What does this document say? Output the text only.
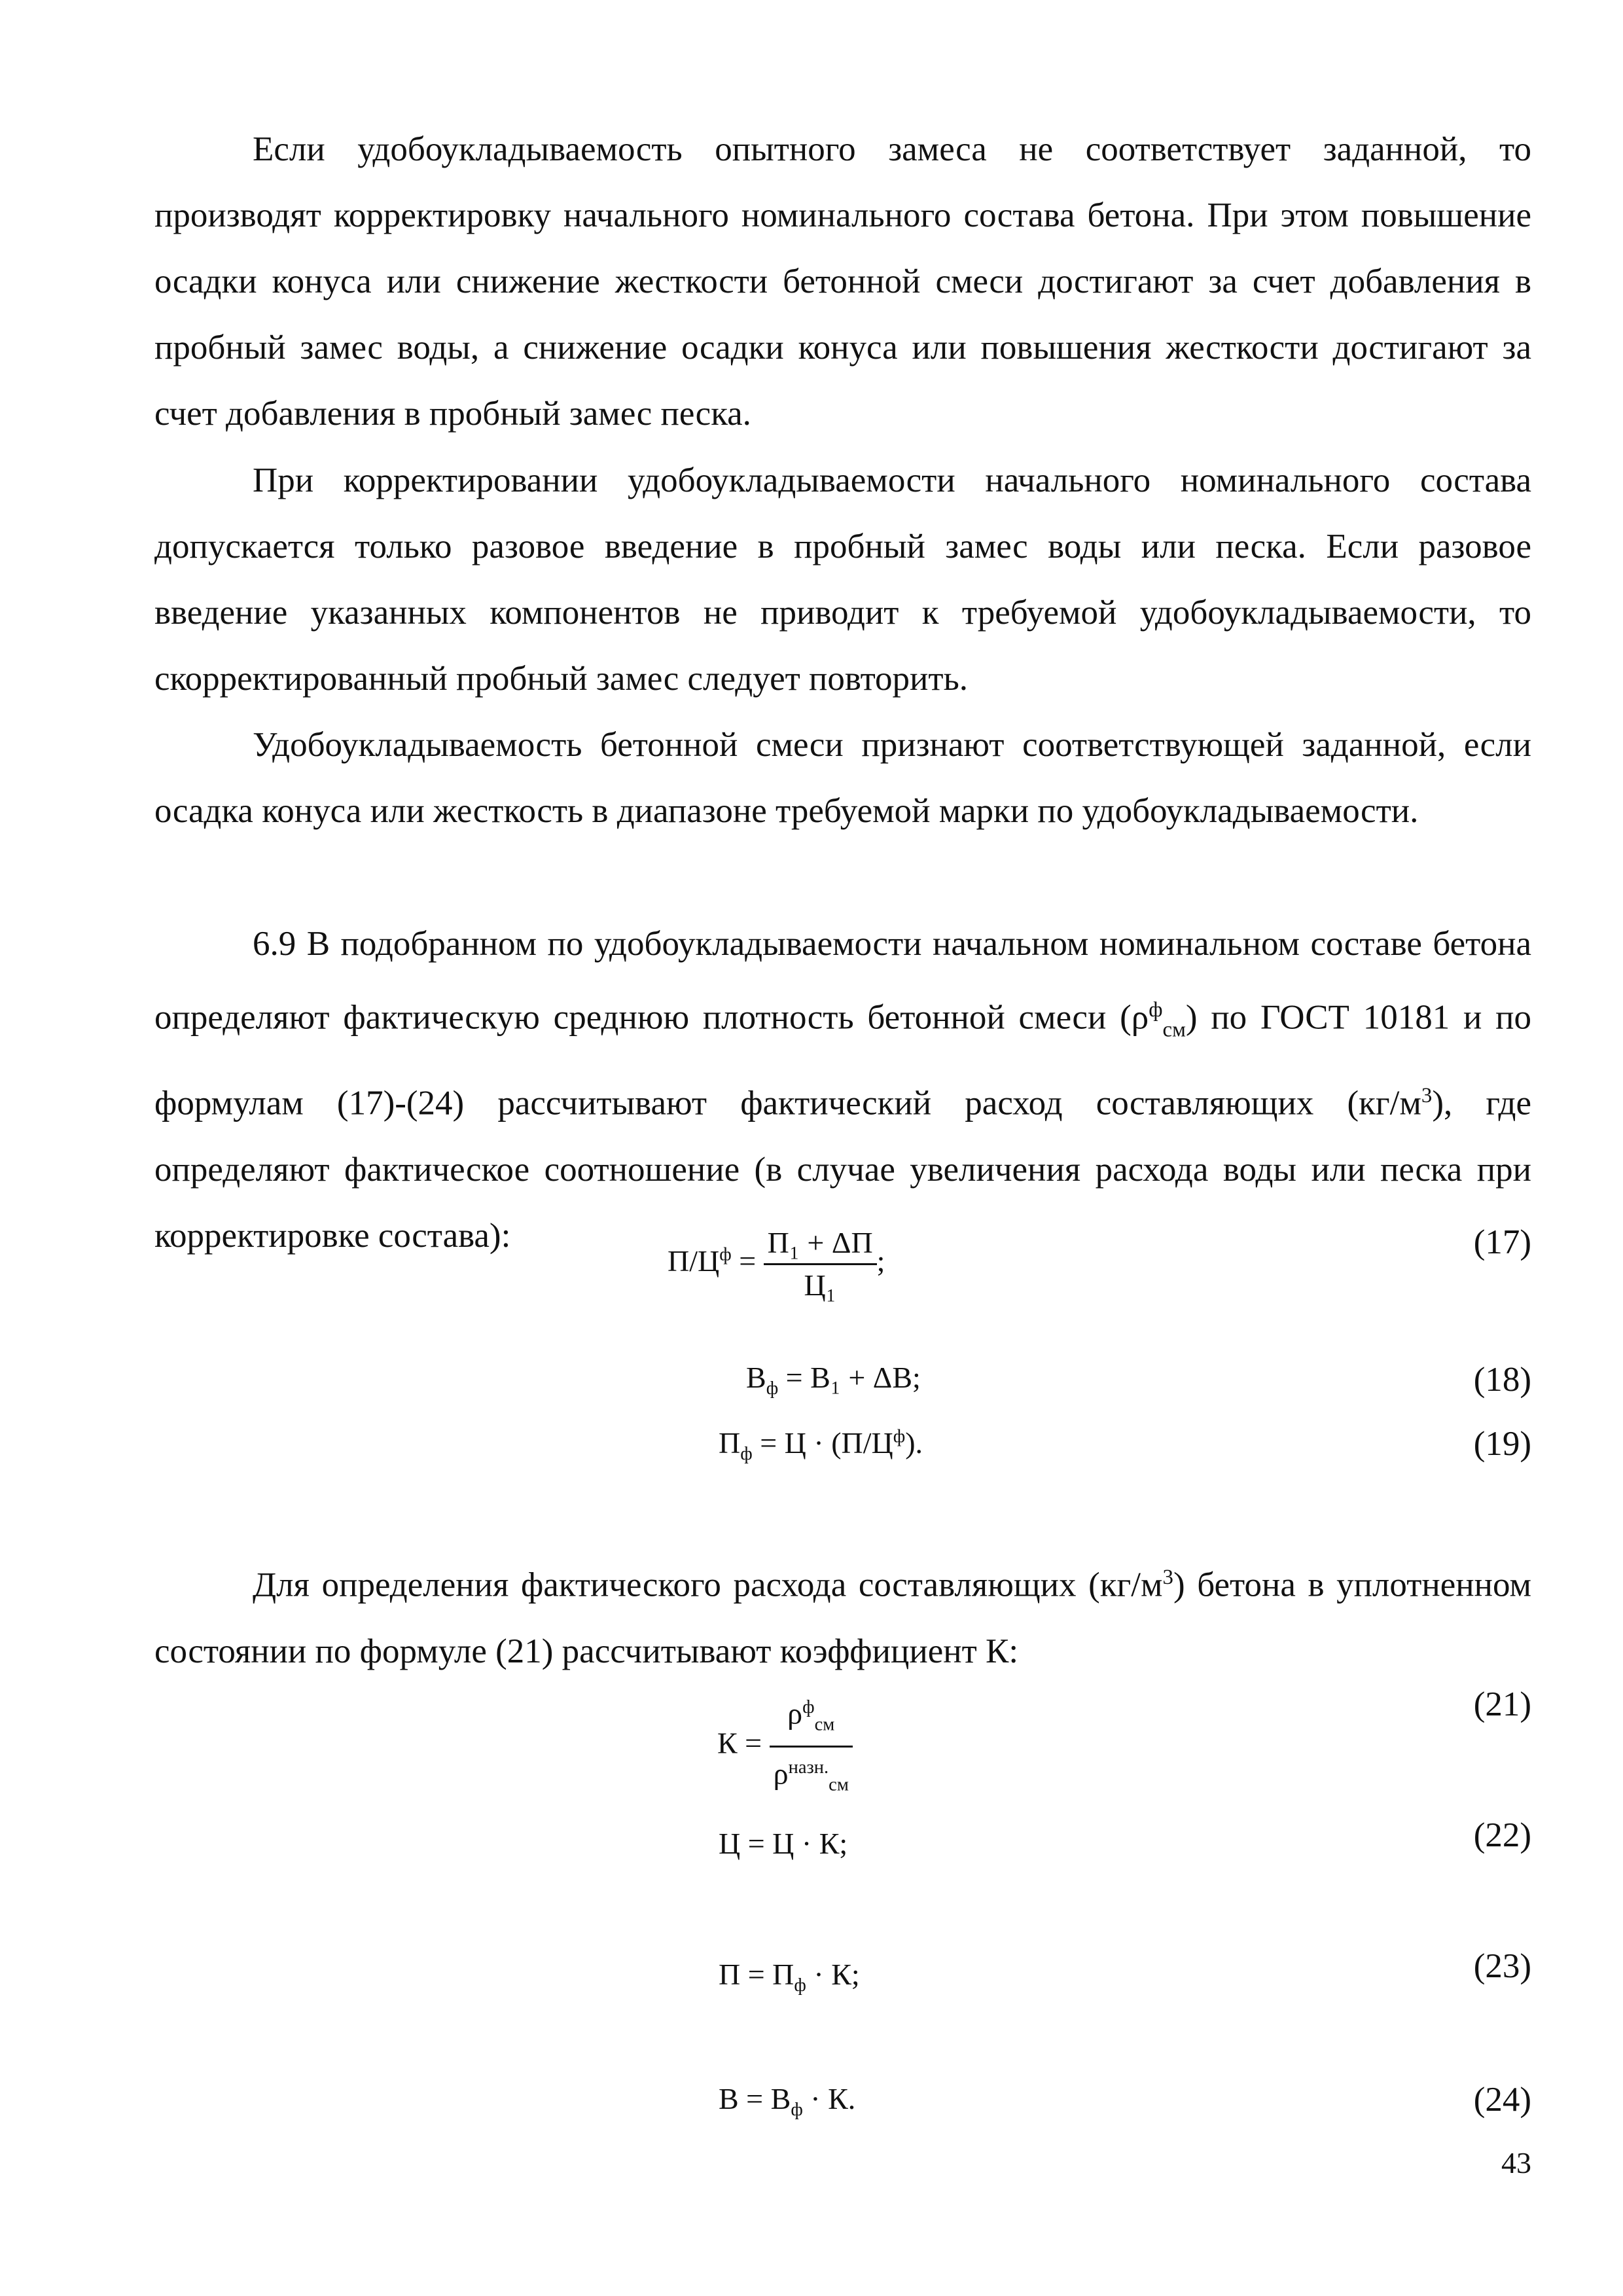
Если удобоукладываемость опытного замеса не соответствует заданной, то производят корректировку начального номинального состава бетона. При этом повышение осадки конуса или снижение жесткости бетонной смеси достигают за счет добавления в пробный замес воды, а снижение осадки конуса или повышения жесткости достигают за счет добавления в пробный замес песка.

При корректировании удобоукладываемости начального номинального состава допускается только разовое введение в пробный замес воды или песка. Если разовое введение указанных компонентов не приводит к требуемой удобоукладываемости, то скорректированный пробный замес следует повторить.

Удобоукладываемость бетонной смеси признают соответствующей заданной, если осадка конуса или жесткость в диапазоне требуемой марки по удобоукладываемости.

6.9 В подобранном по удобоукладываемости начальном номинальном составе бетона определяют фактическую среднюю плотность бетонной смеси $(\rho^ф_{см})$ по ГОСТ 10181 и по формулам (17)-(24) рассчитывают фактический расход составляющих $(кг/м^3)$, где определяют фактическое соотношение (в случае увеличения расхода воды или песка при корректировке состава):

$П/Ц^ф = \frac{\text{П₁ + ΔП}}{\text{Ц₁}}$ ;	(17)
$В_ф = В_1 + \Delta В$;	(18)
$П_ф = Ц \cdot (П/Ц^ф)$.	(19)

Для определения фактического расхода составляющих $(кг/м^3)$ бетона в уплотненном состоянии по формуле (21) рассчитывают коэффициент К:

$К = \frac{\rho^ф_{см}}{\rho^{назн.}_{см}}$	(21)
Ц = Ц · К;	(22)
$П = П_ф \cdot К$;	(23)
$В = В_ф \cdot К$.	(24)
43
